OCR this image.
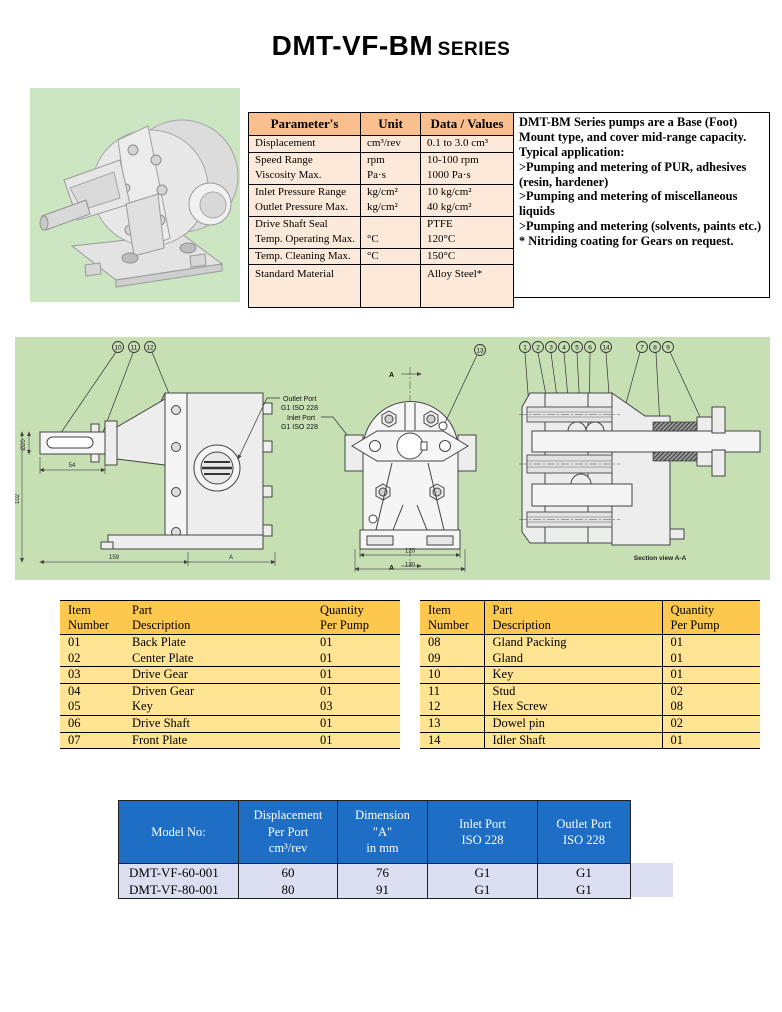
DMT-VF-BM SERIES
Parameter's	Unit	Data / Values
Displacement	cm³/rev	0.1 to 3.0 cm³
Speed Range	rpm	10-100 rpm
Viscosity Max.	Pa·s	1000 Pa·s
Inlet Pressure Range	kg/cm²	10 kg/cm²
Outlet Pressure Max.	kg/cm²	40 kg/cm²
Drive Shaft Seal		PTFE
Temp. Operating Max.	°C	120°C
Temp. Cleaning Max.	°C	150°C
Standard Material		Alloy Steel*
DMT-BM Series pumps are a Base (Foot) Mount type, and cover mid-range capacity.
Typical application:
>Pumping and metering of PUR, adhesives (resin, hardener)
>Pumping and metering of miscellaneous liquids
>Pumping and metering (solvents, paints etc.)
* Nitriding coating for Gears on request.
10 11 12
Ø20
54
102
159	A
Outlet Port
G1 ISO 228
Inlet Port
G1 ISO 228
A
A
13
120
130
1 2 3 4 5 6 14	7 8 9
Section view A-A
Item
Number

Part
Description

Quantity
Per Pump

01	Back Plate	01
02	Center Plate	01
03	Drive Gear	01
04	Driven Gear	01
05	Key	03
06	Drive Shaft	01
07	Front Plate	01
Item
Number

Part
Description

Quantity
Per Pump

08	Gland Packing	01
09	Gland	01
10	Key	01
11	Stud	02
12	Hex Screw	08
13	Dowel pin	02
14	Idler Shaft	01
Model No:

Displacement
Per Port
cm³/rev

Dimension
"A"
in mm

Inlet Port
ISO 228

Outlet Port
ISO 228

DMT-VF-60-001	60	76	G1	G1
DMT-VF-80-001	80	91	G1	G1
